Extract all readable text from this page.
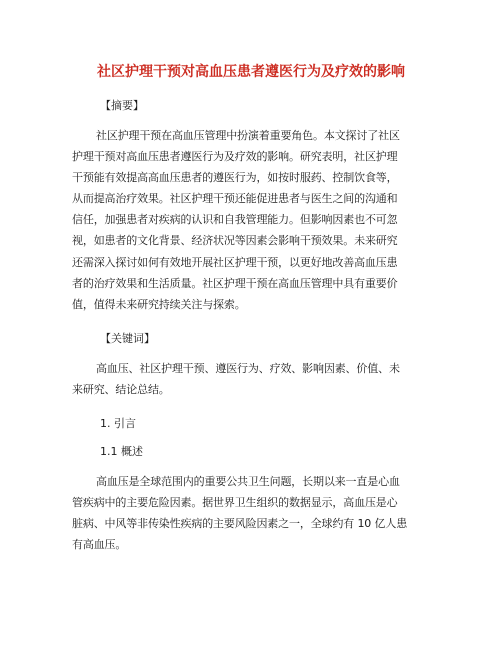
社区护理干预对高血压患者遵医行为及疗效的影响
【摘要】
社区护理干预在高血压管理中扮演着重要角色。本文探讨了社区
护理干预对高血压患者遵医行为及疗效的影响。研究表明，社区护理
干预能有效提高高血压患者的遵医行为，如按时服药、控制饮食等，
从而提高治疗效果。社区护理干预还能促进患者与医生之间的沟通和
信任，加强患者对疾病的认识和自我管理能力。但影响因素也不可忽
视，如患者的文化背景、经济状况等因素会影响干预效果。未来研究
还需深入探讨如何有效地开展社区护理干预，以更好地改善高血压患
者的治疗效果和生活质量。社区护理干预在高血压管理中具有重要价
值，值得未来研究持续关注与探索。
【关键词】
高血压、社区护理干预、遵医行为、疗效、影响因素、价值、未
来研究、结论总结。
1. 引言
1.1 概述
高血压是全球范围内的重要公共卫生问题，长期以来一直是心血
管疾病中的主要危险因素。据世界卫生组织的数据显示，高血压是心
脏病、中风等非传染性疾病的主要风险因素之一，全球约有 10 亿人患
有高血压。
